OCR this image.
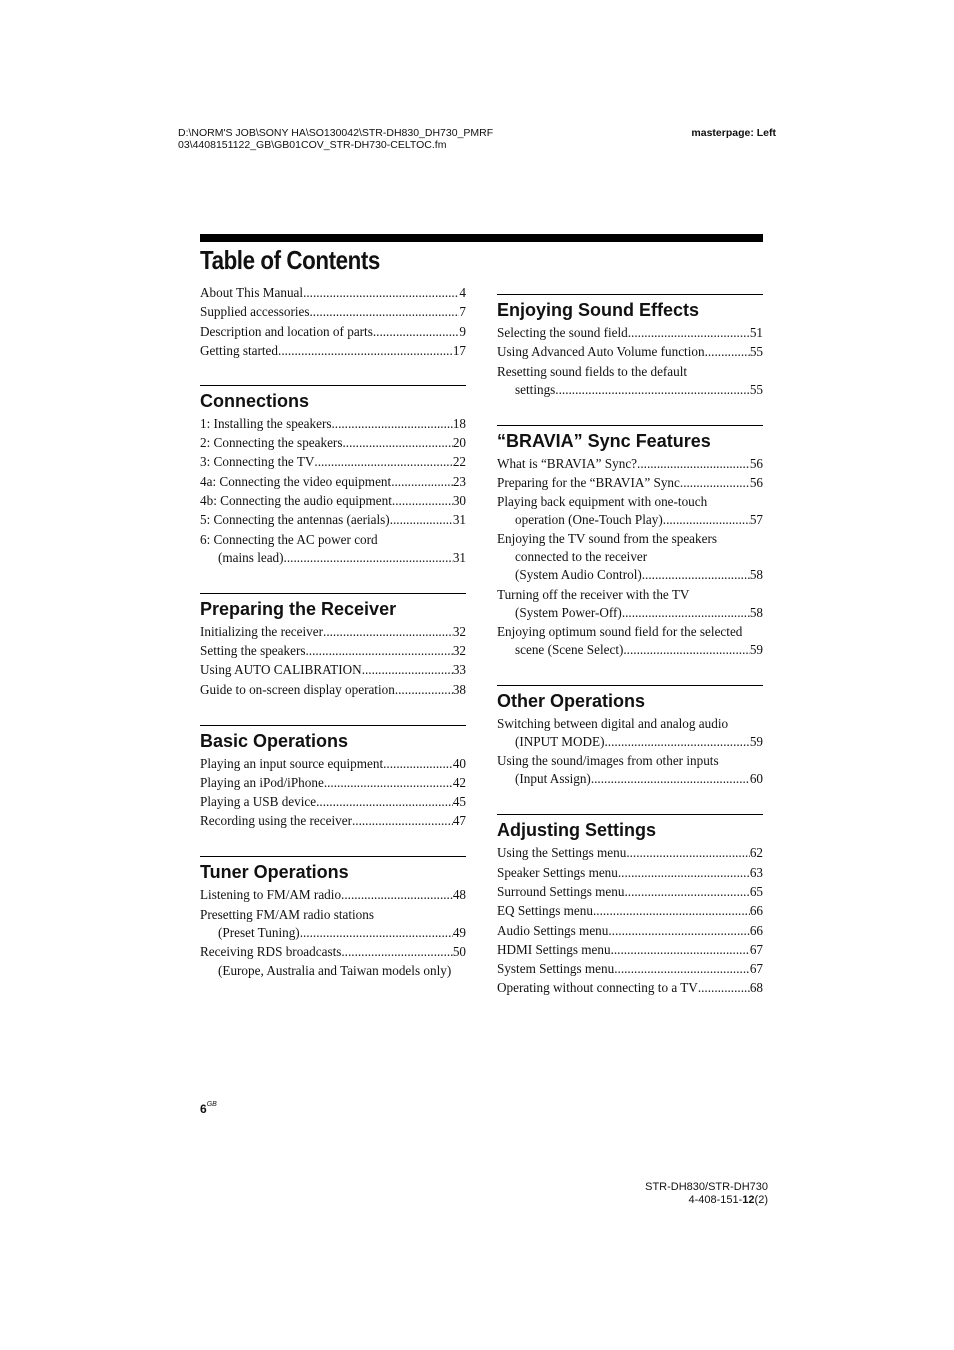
D:\NORM'S JOB\SONY HA\SO130042\STR-DH830_DH730_PMRF
03\4408151122_GB\GB01COV_STR-DH730-CELTOC.fm
masterpage: Left
Table of Contents
About This Manual .....	4
Supplied accessories .....	7
Description and location of parts .....	9
Getting started .....	17
Connections
1: Installing the speakers .....	18
2: Connecting the speakers .....	20
3: Connecting the TV .....	22
4a: Connecting the video equipment .....	23
4b: Connecting the audio equipment .....	30
5: Connecting the antennas (aerials) .....	31
6: Connecting the AC power cord
(mains lead) .....	31
Preparing the Receiver
Initializing the receiver .....	32
Setting the speakers .....	32
Using AUTO CALIBRATION .....	33
Guide to on-screen display operation .....	38
Basic Operations
Playing an input source equipment .....	40
Playing an iPod/iPhone .....	42
Playing a USB device .....	45
Recording using the receiver .....	47
Tuner Operations
Listening to FM/AM radio .....	48
Presetting FM/AM radio stations
(Preset Tuning) .....	49
Receiving RDS broadcasts .....	50
(Europe, Australia and Taiwan models only)
Enjoying Sound Effects
Selecting the sound field .....	51
Using Advanced Auto Volume function .....	55
Resetting sound fields to the default
settings .....	55
“BRAVIA” Sync Features
What is “BRAVIA” Sync? .....	56
Preparing for the “BRAVIA” Sync .....	56
Playing back equipment with one-touch
operation (One-Touch Play) .....	57
Enjoying the TV sound from the speakers
connected to the receiver
(System Audio Control) .....	58
Turning off the receiver with the TV
(System Power-Off) .....	58
Enjoying optimum sound field for the selected
scene (Scene Select) .....	59
Other Operations
Switching between digital and analog audio
(INPUT MODE) .....	59
Using the sound/images from other inputs
(Input Assign) .....	60
Adjusting Settings
Using the Settings menu .....	62
Speaker Settings menu .....	63
Surround Settings menu .....	65
EQ Settings menu .....	66
Audio Settings menu .....	66
HDMI Settings menu .....	67
System Settings menu .....	67
Operating without connecting to a TV .....	68
$6^{GB}$
STR-DH830/STR-DH730
4-408-151-12(2)
